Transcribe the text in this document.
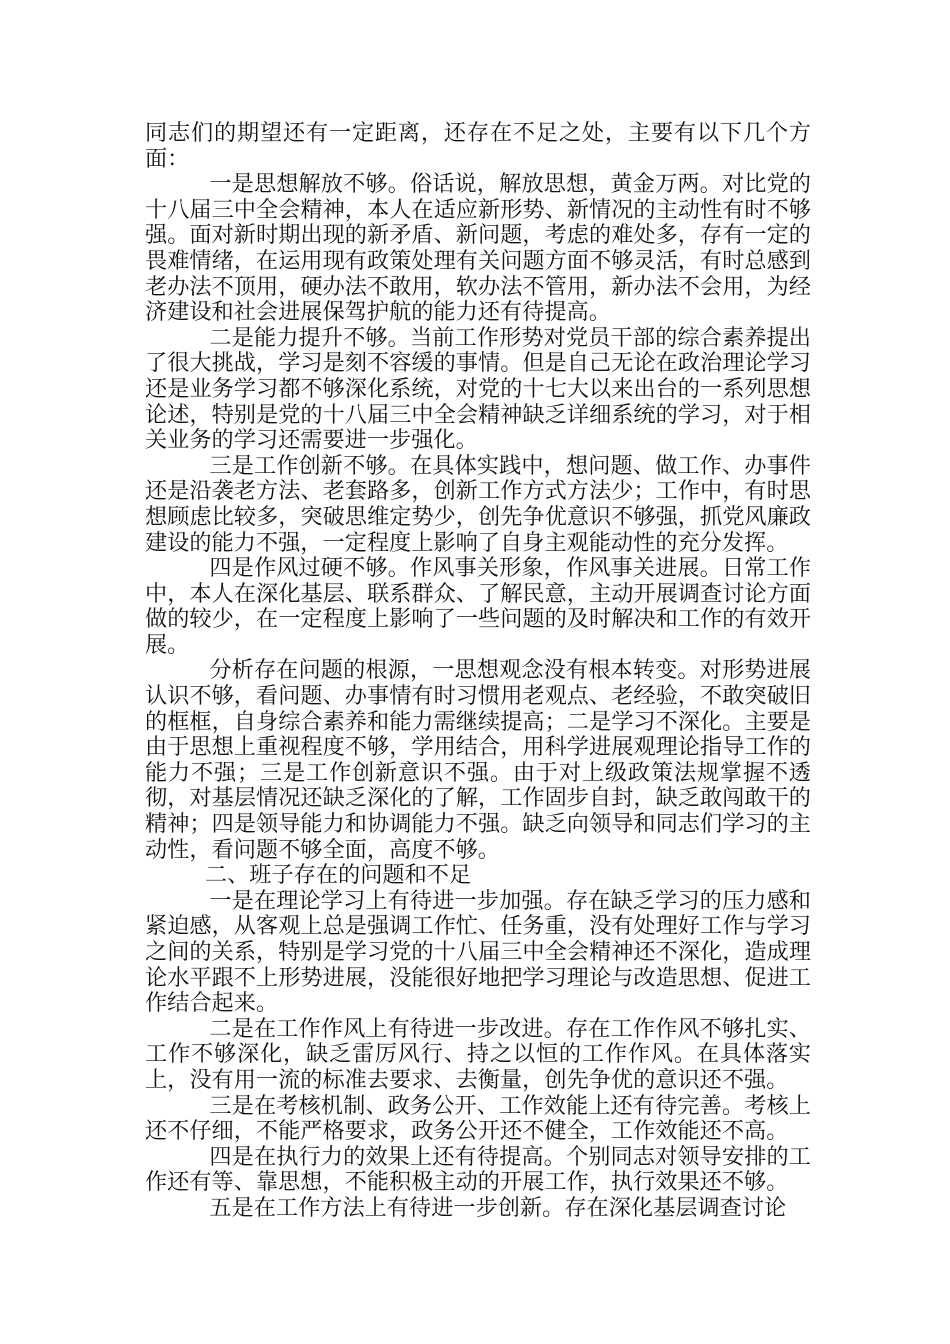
同志们的期望还有一定距离，还存在不足之处，主要有以下几个方面：

一是思想解放不够。俗话说，解放思想，黄金万两。对比党的十八届三中全会精神，本人在适应新形势、新情况的主动性有时不够强。面对新时期出现的新矛盾、新问题，考虑的难处多，存有一定的畏难情绪，在运用现有政策处理有关问题方面不够灵活，有时总感到老办法不顶用，硬办法不敢用，软办法不管用，新办法不会用，为经济建设和社会进展保驾护航的能力还有待提高。

二是能力提升不够。当前工作形势对党员干部的综合素养提出了很大挑战，学习是刻不容缓的事情。但是自己无论在政治理论学习还是业务学习都不够深化系统，对党的十七大以来出台的一系列思想论述，特别是党的十八届三中全会精神缺乏详细系统的学习，对于相关业务的学习还需要进一步强化。

三是工作创新不够。在具体实践中，想问题、做工作、办事件还是沿袭老方法、老套路多，创新工作方式方法少；工作中，有时思想顾虑比较多，突破思维定势少，创先争优意识不够强，抓党风廉政建设的能力不强，一定程度上影响了自身主观能动性的充分发挥。

四是作风过硬不够。作风事关形象，作风事关进展。日常工作中，本人在深化基层、联系群众、了解民意，主动开展调查讨论方面做的较少，在一定程度上影响了一些问题的及时解决和工作的有效开展。

分析存在问题的根源，一思想观念没有根本转变。对形势进展认识不够，看问题、办事情有时习惯用老观点、老经验，不敢突破旧的框框，自身综合素养和能力需继续提高；二是学习不深化。主要是由于思想上重视程度不够，学用结合，用科学进展观理论指导工作的能力不强；三是工作创新意识不强。由于对上级政策法规掌握不透彻，对基层情况还缺乏深化的了解，工作固步自封，缺乏敢闯敢干的精神；四是领导能力和协调能力不强。缺乏向领导和同志们学习的主动性，看问题不够全面，高度不够。

二、班子存在的问题和不足

一是在理论学习上有待进一步加强。存在缺乏学习的压力感和紧迫感，从客观上总是强调工作忙、任务重，没有处理好工作与学习之间的关系，特别是学习党的十八届三中全会精神还不深化，造成理论水平跟不上形势进展，没能很好地把学习理论与改造思想、促进工作结合起来。

二是在工作作风上有待进一步改进。存在工作作风不够扎实、工作不够深化，缺乏雷厉风行、持之以恒的工作作风。在具体落实上，没有用一流的标准去要求、去衡量，创先争优的意识还不强。

三是在考核机制、政务公开、工作效能上还有待完善。考核上还不仔细，不能严格要求，政务公开还不健全，工作效能还不高。

四是在执行力的效果上还有待提高。个别同志对领导安排的工作还有等、靠思想，不能积极主动的开展工作，执行效果还不够。

五是在工作方法上有待进一步创新。存在深化基层调查讨论
